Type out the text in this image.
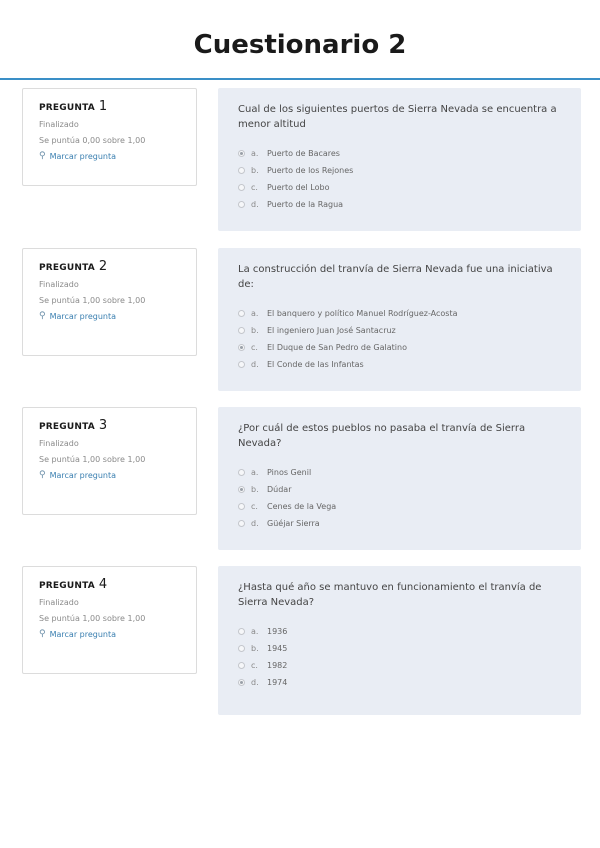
Cuestionario 2
PREGUNTA 1
Finalizado
Se puntúa 0,00 sobre 1,00
⚲ Marcar pregunta
Cual de los siguientes puertos de Sierra Nevada se encuentra a menor altitud
a.	Puerto de Bacares
b.	Puerto de los Rejones
c.	Puerto del Lobo
d.	Puerto de la Ragua
PREGUNTA 2
Finalizado
Se puntúa 1,00 sobre 1,00
⚲ Marcar pregunta
La construcción del tranvía de Sierra Nevada fue una iniciativa de:
a.	El banquero y político Manuel Rodríguez-Acosta
b.	El ingeniero Juan José Santacruz
c.	El Duque de San Pedro de Galatino
d.	El Conde de las Infantas
PREGUNTA 3
Finalizado
Se puntúa 1,00 sobre 1,00
⚲ Marcar pregunta
¿Por cuál de estos pueblos no pasaba el tranvía de Sierra Nevada?
a.	Pinos Genil
b.	Dúdar
c.	Cenes de la Vega
d.	Güéjar Sierra
PREGUNTA 4
Finalizado
Se puntúa 1,00 sobre 1,00
⚲ Marcar pregunta
¿Hasta qué año se mantuvo en funcionamiento el tranvía de Sierra Nevada?
a.	1936
b.	1945
c.	1982
d.	1974
